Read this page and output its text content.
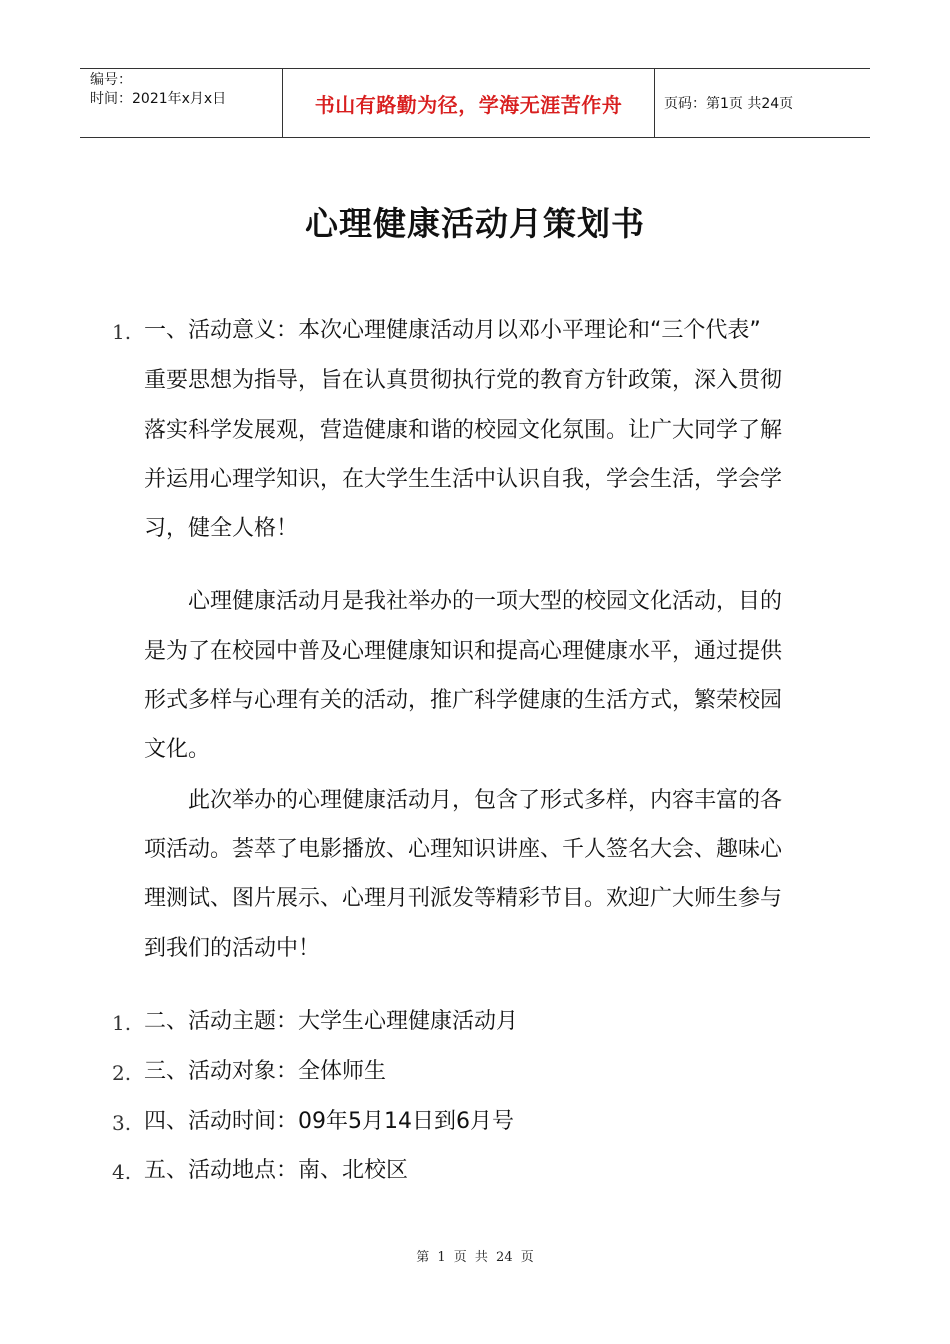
编号：
时间：2021年x月x日	书山有路勤为径，学海无涯苦作舟	页码：第1页 共24页
心理健康活动月策划书
1. 一、活动意义：本次心理健康活动月以邓小平理论和“三个代表”
重要思想为指导，旨在认真贯彻执行党的教育方针政策，深入贯彻
落实科学发展观，营造健康和谐的校园文化氛围。让广大同学了解
并运用心理学知识，在大学生生活中认识自我，学会生活，学会学
习，健全人格！
心理健康活动月是我社举办的一项大型的校园文化活动，目的
是为了在校园中普及心理健康知识和提高心理健康水平，通过提供
形式多样与心理有关的活动，推广科学健康的生活方式，繁荣校园
文化。
此次举办的心理健康活动月，包含了形式多样，内容丰富的各
项活动。荟萃了电影播放、心理知识讲座、千人签名大会、趣味心
理测试、图片展示、心理月刊派发等精彩节目。欢迎广大师生参与
到我们的活动中！
1. 二、活动主题：大学生心理健康活动月
2. 三、活动对象：全体师生
3. 四、活动时间：09年5月14日到6月号
4. 五、活动地点：南、北校区
第 1 页 共 24 页
